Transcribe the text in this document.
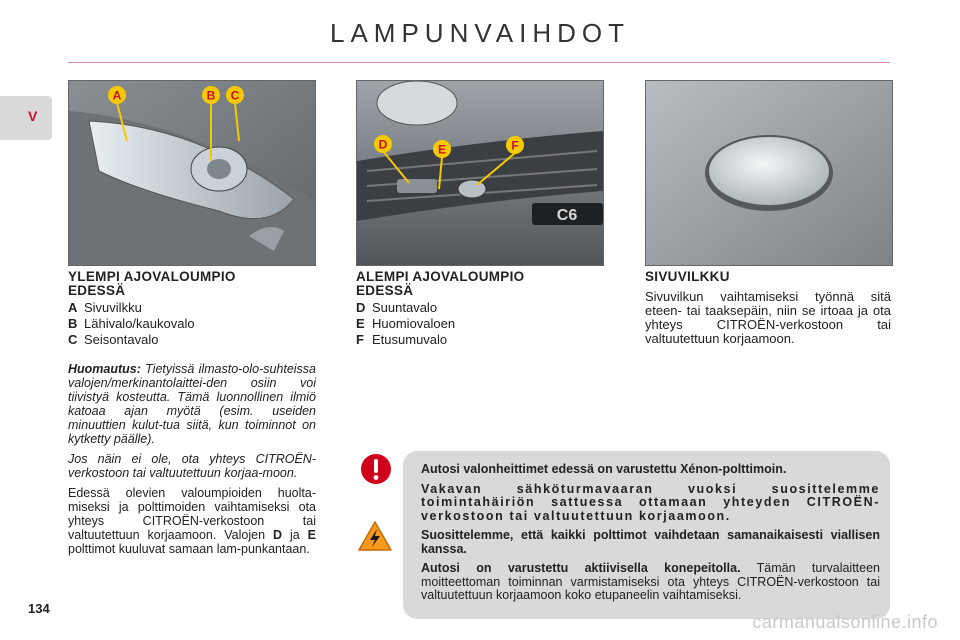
LAMPUNVAIHDOT
V
A	B C
C6
D	E	F
YLEMPI AJOVALOUMPIO
EDESSÄ
A Sivuvilkku
B Lähivalo/kaukovalo
C Seisontavalo
Huomautus: Tietyissä ilmasto-olo-suhteissa valojen/merkinantolaittei-den osiin voi tiivistyä kosteutta. Tämä luonnollinen ilmiö katoaa ajan myötä (esim. useiden minuuttien kulut-tua siitä, kun toiminnot on kytketty päälle).
Jos näin ei ole, ota yhteys CITROËN-verkostoon tai valtuutettuun korjaa-moon.
Edessä olevien valoumpioiden huolta-miseksi ja polttimoiden vaihtamiseksi ota yhteys CITROËN-verkostoon tai valtuutettuun korjaamoon. Valojen D ja E polttimot kuuluvat samaan lam-punkantaan.
ALEMPI AJOVALOUMPIO
EDESSÄ
D Suuntavalo
E Huomiovaloen
F Etusumuvalo
SIVUVILKKU
Sivuvilkun vaihtamiseksi työnnä sitä eteen- tai taaksepäin, niin se irtoaa ja ota yhteys CITROËN-verkostoon tai valtuutettuun korjaamoon.

Autosi valonheittimet edessä on varustettu Xénon-polttimoin.

Vakavan sähköturmavaaran vuoksi suosittelemme toimintahäiriön sattuessa ottamaan yhteyden CITROËN-verkostoon tai valtuutettuun korjaamoon.

Suosittelemme, että kaikki polttimot vaihdetaan samanaikaisesti viallisen kanssa.

Autosi on varustettu aktiivisella konepeitolla. Tämän turvalaitteen moitteettoman toiminnan varmistamiseksi ota yhteys CITROËN-verkostoon tai valtuutettuun korjaamoon koko etupaneelin vaihtamiseksi.

134
carmanualsonline.info
